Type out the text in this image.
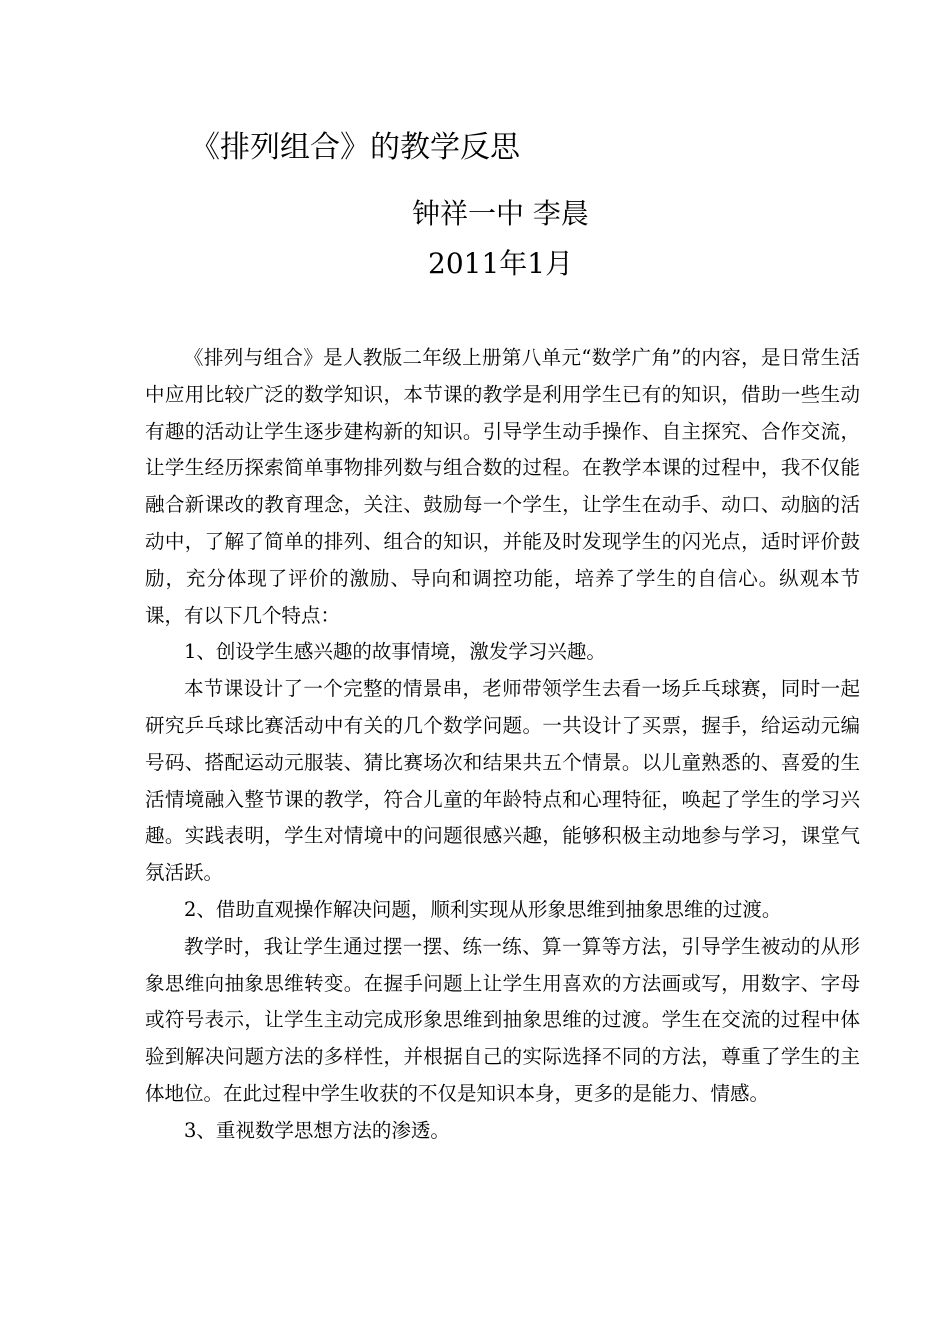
《排列组合》的教学反思
钟祥一中 李晨
2011年1月

《排列与组合》是人教版二年级上册第八单元“数学广角”的内容，是日常生活中应用比较广泛的数学知识，本节课的教学是利用学生已有的知识，借助一些生动有趣的活动让学生逐步建构新的知识。引导学生动手操作、自主探究、合作交流，让学生经历探索简单事物排列数与组合数的过程。在教学本课的过程中，我不仅能融合新课改的教育理念，关注、鼓励每一个学生，让学生在动手、动口、动脑的活动中，了解了简单的排列、组合的知识，并能及时发现学生的闪光点，适时评价鼓励，充分体现了评价的激励、导向和调控功能，培养了学生的自信心。纵观本节课，有以下几个特点：

1、创设学生感兴趣的故事情境，激发学习兴趣。

本节课设计了一个完整的情景串，老师带领学生去看一场乒乓球赛，同时一起研究乒乓球比赛活动中有关的几个数学问题。一共设计了买票，握手，给运动元编号码、搭配运动元服装、猜比赛场次和结果共五个情景。以儿童熟悉的、喜爱的生活情境融入整节课的教学，符合儿童的年龄特点和心理特征，唤起了学生的学习兴趣。实践表明，学生对情境中的问题很感兴趣，能够积极主动地参与学习，课堂气氛活跃。

2、借助直观操作解决问题，顺利实现从形象思维到抽象思维的过渡。

教学时，我让学生通过摆一摆、练一练、算一算等方法，引导学生被动的从形象思维向抽象思维转变。在握手问题上让学生用喜欢的方法画或写，用数字、字母或符号表示，让学生主动完成形象思维到抽象思维的过渡。学生在交流的过程中体验到解决问题方法的多样性，并根据自己的实际选择不同的方法，尊重了学生的主体地位。在此过程中学生收获的不仅是知识本身，更多的是能力、情感。

3、重视数学思想方法的渗透。
